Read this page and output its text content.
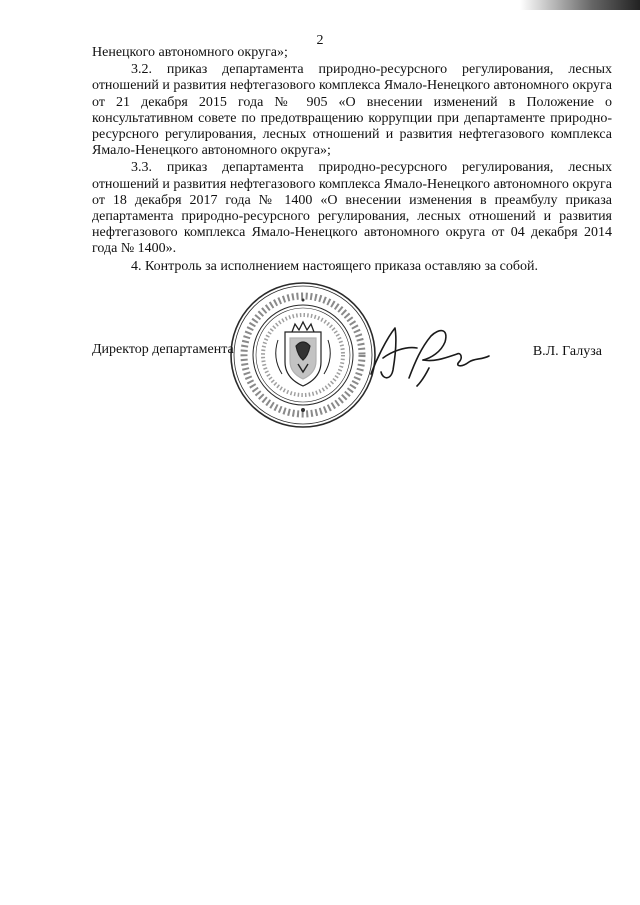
2

Ненецкого автономного округа»;

3.2. приказ департамента природно-ресурсного регулирования, лесных отношений и развития нефтегазового комплекса Ямало-Ненецкого автономного округа от 21 декабря 2015 года № 905 «О внесении изменений в Положение о консультативном совете по предотвращению коррупции при департаменте природно-ресурсного регулирования, лесных отношений и развития нефтегазового комплекса Ямало-Ненецкого автономного округа»;

3.3. приказ департамента природно-ресурсного регулирования, лесных отношений и развития нефтегазового комплекса Ямало-Ненецкого автономного округа от 18 декабря 2017 года № 1400 «О внесении изменения в преамбулу приказа департамента природно-ресурсного регулирования, лесных отношений и развития нефтегазового комплекса Ямало-Ненецкого автономного округа от 04 декабря 2014 года № 1400».

4. Контроль за исполнением настоящего приказа оставляю за собой.

Директор департамента	В.Л. Галуза
